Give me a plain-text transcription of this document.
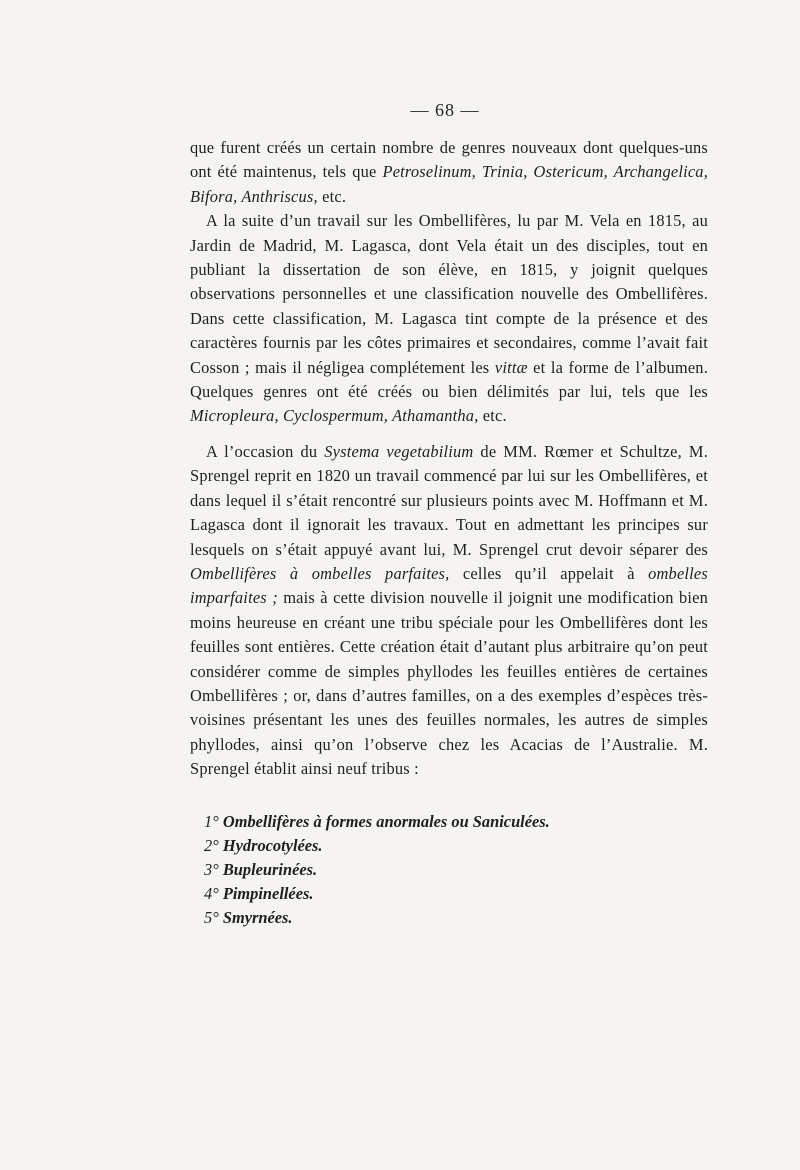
— 68 —

que furent créés un certain nombre de genres nouveaux dont quelques-uns ont été maintenus, tels que Petroselinum, Trinia, Ostericum, Archangelica, Bifora, Anthriscus, etc.

A la suite d’un travail sur les Ombellifères, lu par M. Vela en 1815, au Jardin de Madrid, M. Lagasca, dont Vela était un des disciples, tout en publiant la dissertation de son élève, en 1815, y joignit quelques observations personnelles et une classification nouvelle des Ombellifères. Dans cette classification, M. Lagasca tint compte de la présence et des caractères fournis par les côtes primaires et secondaires, comme l’avait fait Cosson ; mais il négligea complétement les vittæ et la forme de l’albumen. Quelques genres ont été créés ou bien délimités par lui, tels que les Micropleura, Cyclospermum, Athamantha, etc.

A l’occasion du Systema vegetabilium de MM. Rœmer et Schultze, M. Sprengel reprit en 1820 un travail commencé par lui sur les Ombellifères, et dans lequel il s’était rencontré sur plusieurs points avec M. Hoffmann et M. Lagasca dont il ignorait les travaux. Tout en admettant les principes sur lesquels on s’était appuyé avant lui, M. Sprengel crut devoir séparer des Ombellifères à ombelles parfaites, celles qu’il appelait à ombelles imparfaites ; mais à cette division nouvelle il joignit une modification bien moins heureuse en créant une tribu spéciale pour les Ombellifères dont les feuilles sont entières. Cette création était d’autant plus arbitraire qu’on peut considérer comme de simples phyllodes les feuilles entières de certaines Ombellifères ; or, dans d’autres familles, on a des exemples d’espèces très-voisines présentant les unes des feuilles normales, les autres de simples phyllodes, ainsi qu’on l’observe chez les Acacias de l’Australie. M. Sprengel établit ainsi neuf tribus :

1° Ombellifères à formes anormales ou Saniculées.
2° Hydrocotylées.
3° Bupleurinées.
4° Pimpinellées.
5° Smyrnées.
